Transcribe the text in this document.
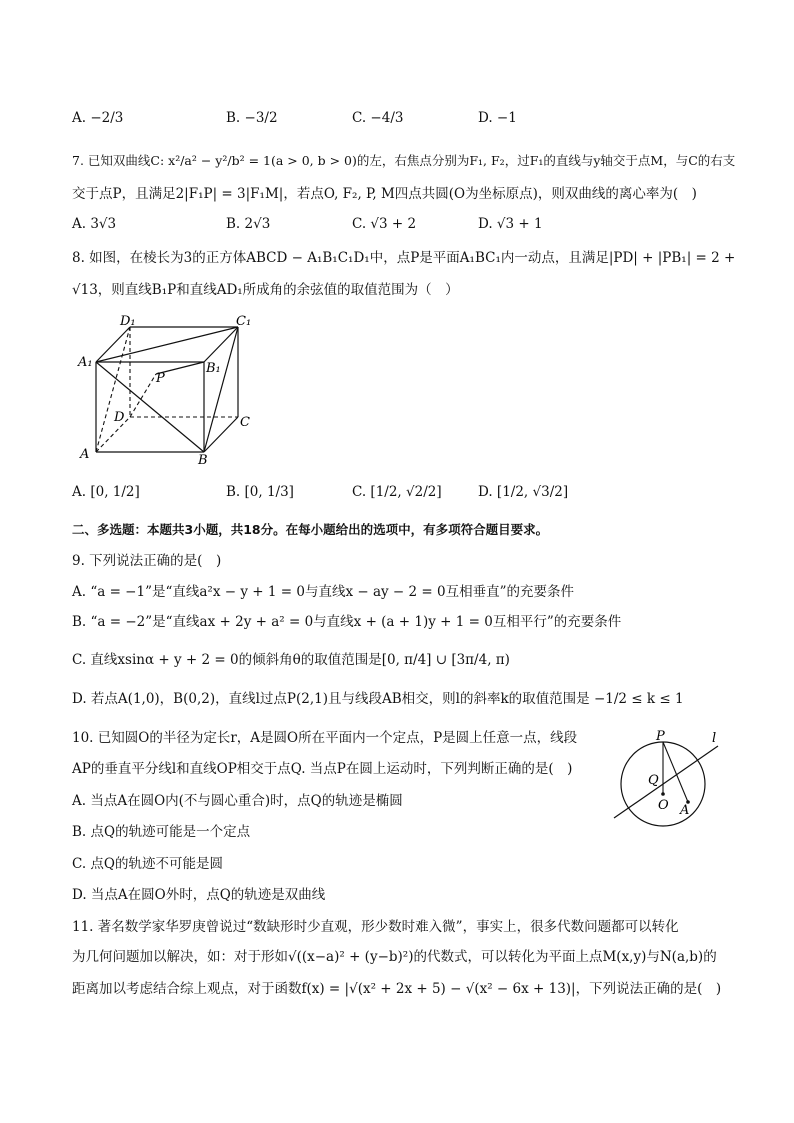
A. −2/3	B. −3/2	C. −4/3	D. −1
7. 已知双曲线C: x²/a² − y²/b² = 1(a > 0, b > 0)的左，右焦点分别为F₁, F₂，过F₁的直线与y轴交于点M，与C的右支
交于点P，且满足2|F₁P| = 3|F₁M|，若点O, F₂, P, M四点共圆(O为坐标原点)，则双曲线的离心率为(　)
A. 3√3	B. 2√3	C. √3 + 2	D. √3 + 1
8. 如图，在棱长为3的正方体ABCD − A₁B₁C₁D₁中，点P是平面A₁BC₁内一动点，且满足|PD| + |PB₁| = 2 +
√13，则直线B₁P和直线AD₁所成角的余弦值的取值范围为（　）
D₁	C₁
A₁	B₁
P
D	C
A	B
A. [0, 1/2]	B. [0, 1/3]	C. [1/2, √2/2]	D. [1/2, √3/2]
二、多选题：本题共3小题，共18分。在每小题给出的选项中，有多项符合题目要求。
9. 下列说法正确的是(　)
A. “a = −1”是“直线a²x − y + 1 = 0与直线x − ay − 2 = 0互相垂直”的充要条件
B. “a = −2”是“直线ax + 2y + a² = 0与直线x + (a + 1)y + 1 = 0互相平行”的充要条件
C. 直线xsinα + y + 2 = 0的倾斜角θ的取值范围是[0, π/4] ∪ [3π/4, π)
D. 若点A(1,0)，B(0,2)，直线l过点P(2,1)且与线段AB相交，则l的斜率k的取值范围是 −1/2 ≤ k ≤ 1
10. 已知圆O的半径为定长r，A是圆O所在平面内一个定点，P是圆上任意一点，线段
AP的垂直平分线l和直线OP相交于点Q. 当点P在圆上运动时，下列判断正确的是(　)
A. 当点A在圆O内(不与圆心重合)时，点Q的轨迹是椭圆
B. 点Q的轨迹可能是一个定点
C. 点Q的轨迹不可能是圆
D. 当点A在圆O外时，点Q的轨迹是双曲线
P	l
Q
O A
11. 著名数学家华罗庚曾说过“数缺形时少直观，形少数时难入微”，事实上，很多代数问题都可以转化
为几何问题加以解决，如：对于形如√((x−a)² + (y−b)²)的代数式，可以转化为平面上点M(x,y)与N(a,b)的
距离加以考虑结合综上观点，对于函数f(x) = |√(x² + 2x + 5) − √(x² − 6x + 13)|，下列说法正确的是(　)
